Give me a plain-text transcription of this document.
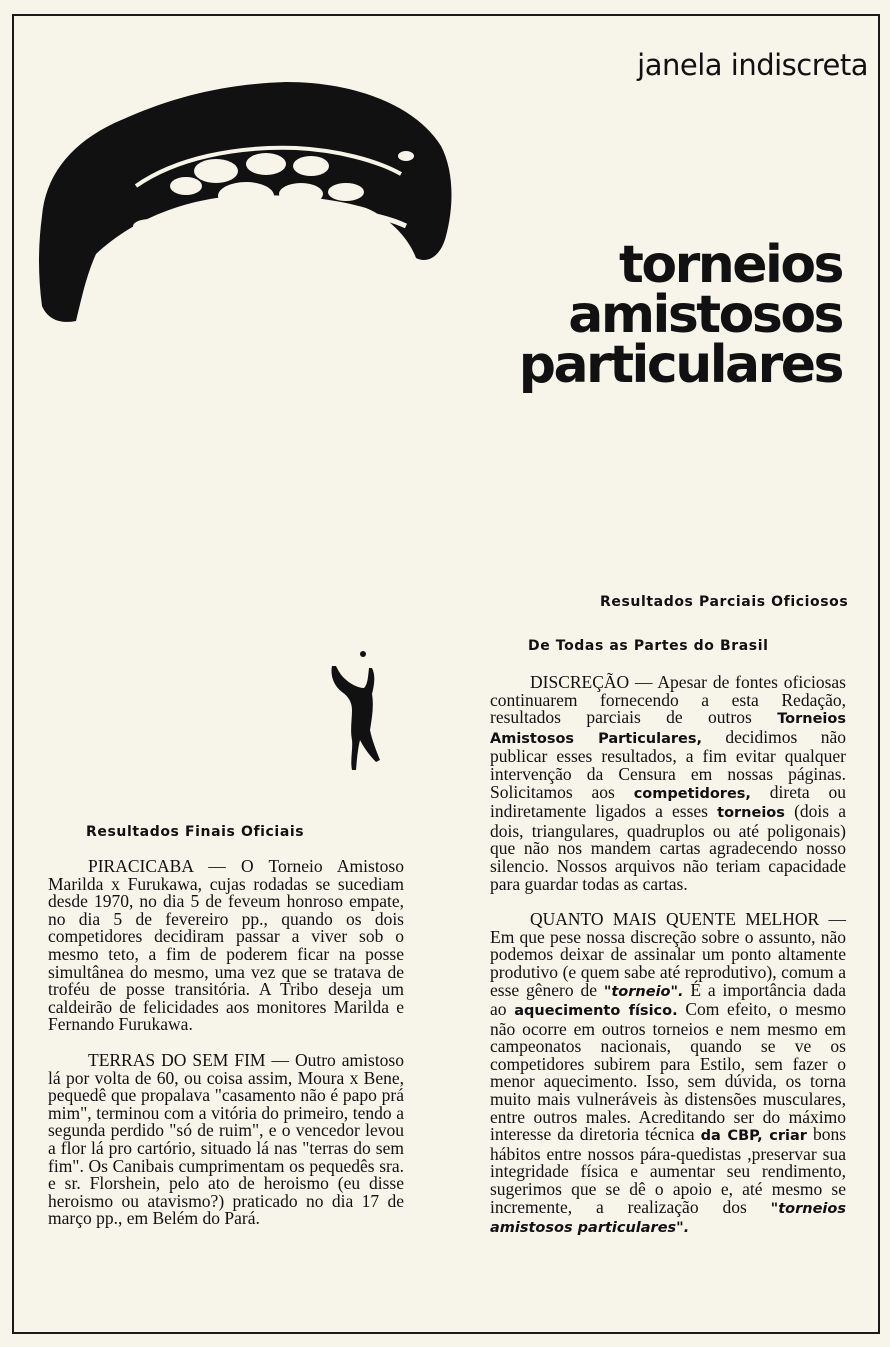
janela indiscreta
torneios
amistosos
particulares
Resultados Parciais Oficiosos
De Todas as Partes do Brasil

DISCREÇÃO — Apesar de fontes oficiosas continuarem fornecendo a esta Redação, resultados parciais de outros Torneios Amistosos Particulares, decidimos não publicar esses resultados, a fim evitar qualquer intervenção da Censura em nossas páginas. Solicitamos aos competidores, direta ou indiretamente ligados a esses torneios (dois a dois, triangulares, quadruplos ou até poligonais) que não nos mandem cartas agradecendo nosso silencio. Nossos arquivos não teriam capacidade para guardar todas as cartas.

QUANTO MAIS QUENTE MELHOR — Em que pese nossa discreção sobre o assunto, não podemos deixar de assinalar um ponto altamente produtivo (e quem sabe até reprodutivo), comum a esse gênero de "torneio". É a importância dada ao aquecimento físico. Com efeito, o mesmo não ocorre em outros torneios e nem mesmo em campeonatos nacionais, quando se ve os competidores subirem para Estilo, sem fazer o menor aquecimento. Isso, sem dúvida, os torna muito mais vulneráveis às distensões musculares, entre outros males. Acreditando ser do máximo interesse da diretoria técnica da CBP, criar bons hábitos entre nossos pára-quedistas ,preservar sua integridade física e aumentar seu rendimento, sugerimos que se dê o apoio e, até mesmo se incremente, a realização dos "torneios amistosos particulares".

Resultados Finais Oficiais

PIRACICABA — O Torneio Amistoso Marilda x Furukawa, cujas rodadas se sucediam desde 1970, no dia 5 de feveum honroso empate, no dia 5 de fevereiro pp., quando os dois competidores decidiram passar a viver sob o mesmo teto, a fim de poderem ficar na posse simultânea do mesmo, uma vez que se tratava de troféu de posse transitória. A Tribo deseja um caldeirão de felicidades aos monitores Marilda e Fernando Furukawa.

TERRAS DO SEM FIM — Outro amistoso lá por volta de 60, ou coisa assim, Moura x Bene, pequedê que propalava "casamento não é papo prá mim", terminou com a vitória do primeiro, tendo a segunda perdido "só de ruim", e o vencedor levou a flor lá pro cartório, situado lá nas "terras do sem fim". Os Canibais cumprimentam os pequedês sra. e sr. Florshein, pelo ato de heroismo (eu disse heroismo ou atavismo?) praticado no dia 17 de março pp., em Belém do Pará.
